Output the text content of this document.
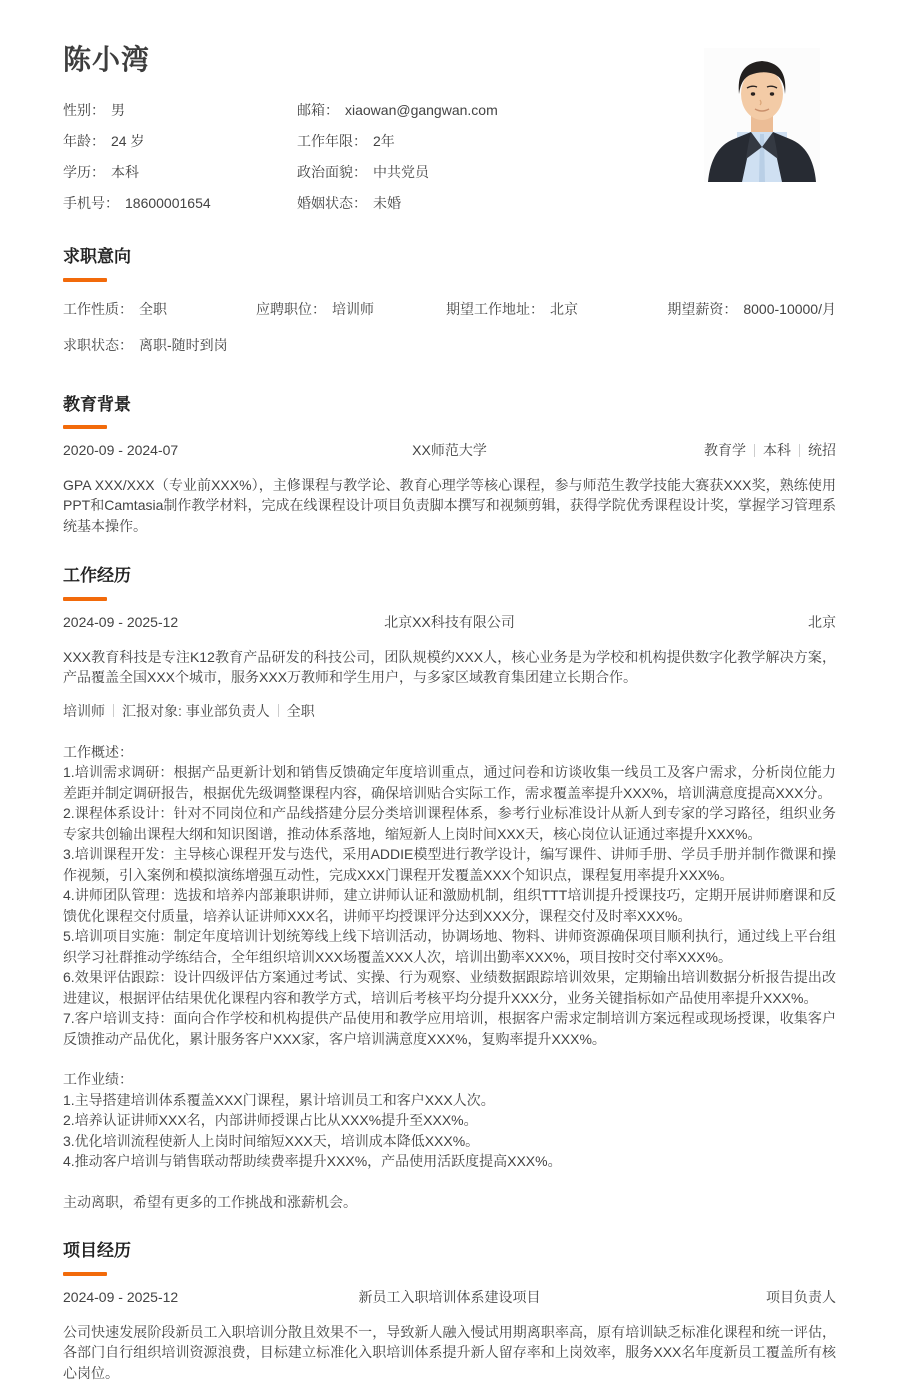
陈小湾
性别： 男	邮箱： xiaowan@gangwan.com
年龄： 24 岁	工作年限： 2年
学历： 本科	政治面貌： 中共党员
手机号： 18600001654	婚姻状态： 未婚
求职意向
工作性质： 全职	应聘职位： 培训师	期望工作地址： 北京	期望薪资： 8000-10000/月
求职状态： 离职-随时到岗
教育背景
2020-09 - 2024-07	XX师范大学	教育学 本科 统招

GPA XXX/XXX（专业前XXX%），主修课程与教学论、教育心理学等核心课程，参与师范生教学技能大赛获XXX奖，熟练使用PPT和Camtasia制作教学材料，完成在线课程设计项目负责脚本撰写和视频剪辑，获得学院优秀课程设计奖，掌握学习管理系统基本操作。

工作经历
2024-09 - 2025-12	北京XX科技有限公司	北京

XXX教育科技是专注K12教育产品研发的科技公司，团队规模约XXX人，核心业务是为学校和机构提供数字化教学解决方案，产品覆盖全国XXX个城市，服务XXX万教师和学生用户，与多家区域教育集团建立长期合作。

培训师 汇报对象: 事业部负责人 全职

工作概述：

1.培训需求调研：根据产品更新计划和销售反馈确定年度培训重点，通过问卷和访谈收集一线员工及客户需求，分析岗位能力差距并制定调研报告，根据优先级调整课程内容，确保培训贴合实际工作，需求覆盖率提升XXX%，培训满意度提高XXX分。

2.课程体系设计：针对不同岗位和产品线搭建分层分类培训课程体系，参考行业标准设计从新人到专家的学习路径，组织业务专家共创输出课程大纲和知识图谱，推动体系落地，缩短新人上岗时间XXX天，核心岗位认证通过率提升XXX%。

3.培训课程开发：主导核心课程开发与迭代，采用ADDIE模型进行教学设计，编写课件、讲师手册、学员手册并制作微课和操作视频，引入案例和模拟演练增强互动性，完成XXX门课程开发覆盖XXX个知识点，课程复用率提升XXX%。

4.讲师团队管理：选拔和培养内部兼职讲师，建立讲师认证和激励机制，组织TTT培训提升授课技巧，定期开展讲师磨课和反馈优化课程交付质量，培养认证讲师XXX名，讲师平均授课评分达到XXX分，课程交付及时率XXX%。

5.培训项目实施：制定年度培训计划统筹线上线下培训活动，协调场地、物料、讲师资源确保项目顺利执行，通过线上平台组织学习社群推动学练结合，全年组织培训XXX场覆盖XXX人次，培训出勤率XXX%，项目按时交付率XXX%。

6.效果评估跟踪：设计四级评估方案通过考试、实操、行为观察、业绩数据跟踪培训效果，定期输出培训数据分析报告提出改进建议，根据评估结果优化课程内容和教学方式，培训后考核平均分提升XXX分，业务关键指标如产品使用率提升XXX%。

7.客户培训支持：面向合作学校和机构提供产品使用和教学应用培训，根据客户需求定制培训方案远程或现场授课，收集客户反馈推动产品优化，累计服务客户XXX家，客户培训满意度XXX%，复购率提升XXX%。

工作业绩：

1.主导搭建培训体系覆盖XXX门课程，累计培训员工和客户XXX人次。

2.培养认证讲师XXX名，内部讲师授课占比从XXX%提升至XXX%。

3.优化培训流程使新人上岗时间缩短XXX天，培训成本降低XXX%。

4.推动客户培训与销售联动帮助续费率提升XXX%，产品使用活跃度提高XXX%。

主动离职，希望有更多的工作挑战和涨薪机会。

项目经历
2024-09 - 2025-12	新员工入职培训体系建设项目	项目负责人

公司快速发展阶段新员工入职培训分散且效果不一，导致新人融入慢试用期离职率高，原有培训缺乏标准化课程和统一评估，各部门自行组织培训资源浪费，目标建立标准化入职培训体系提升新人留存率和上岗效率，服务XXX名年度新员工覆盖所有核心岗位。
